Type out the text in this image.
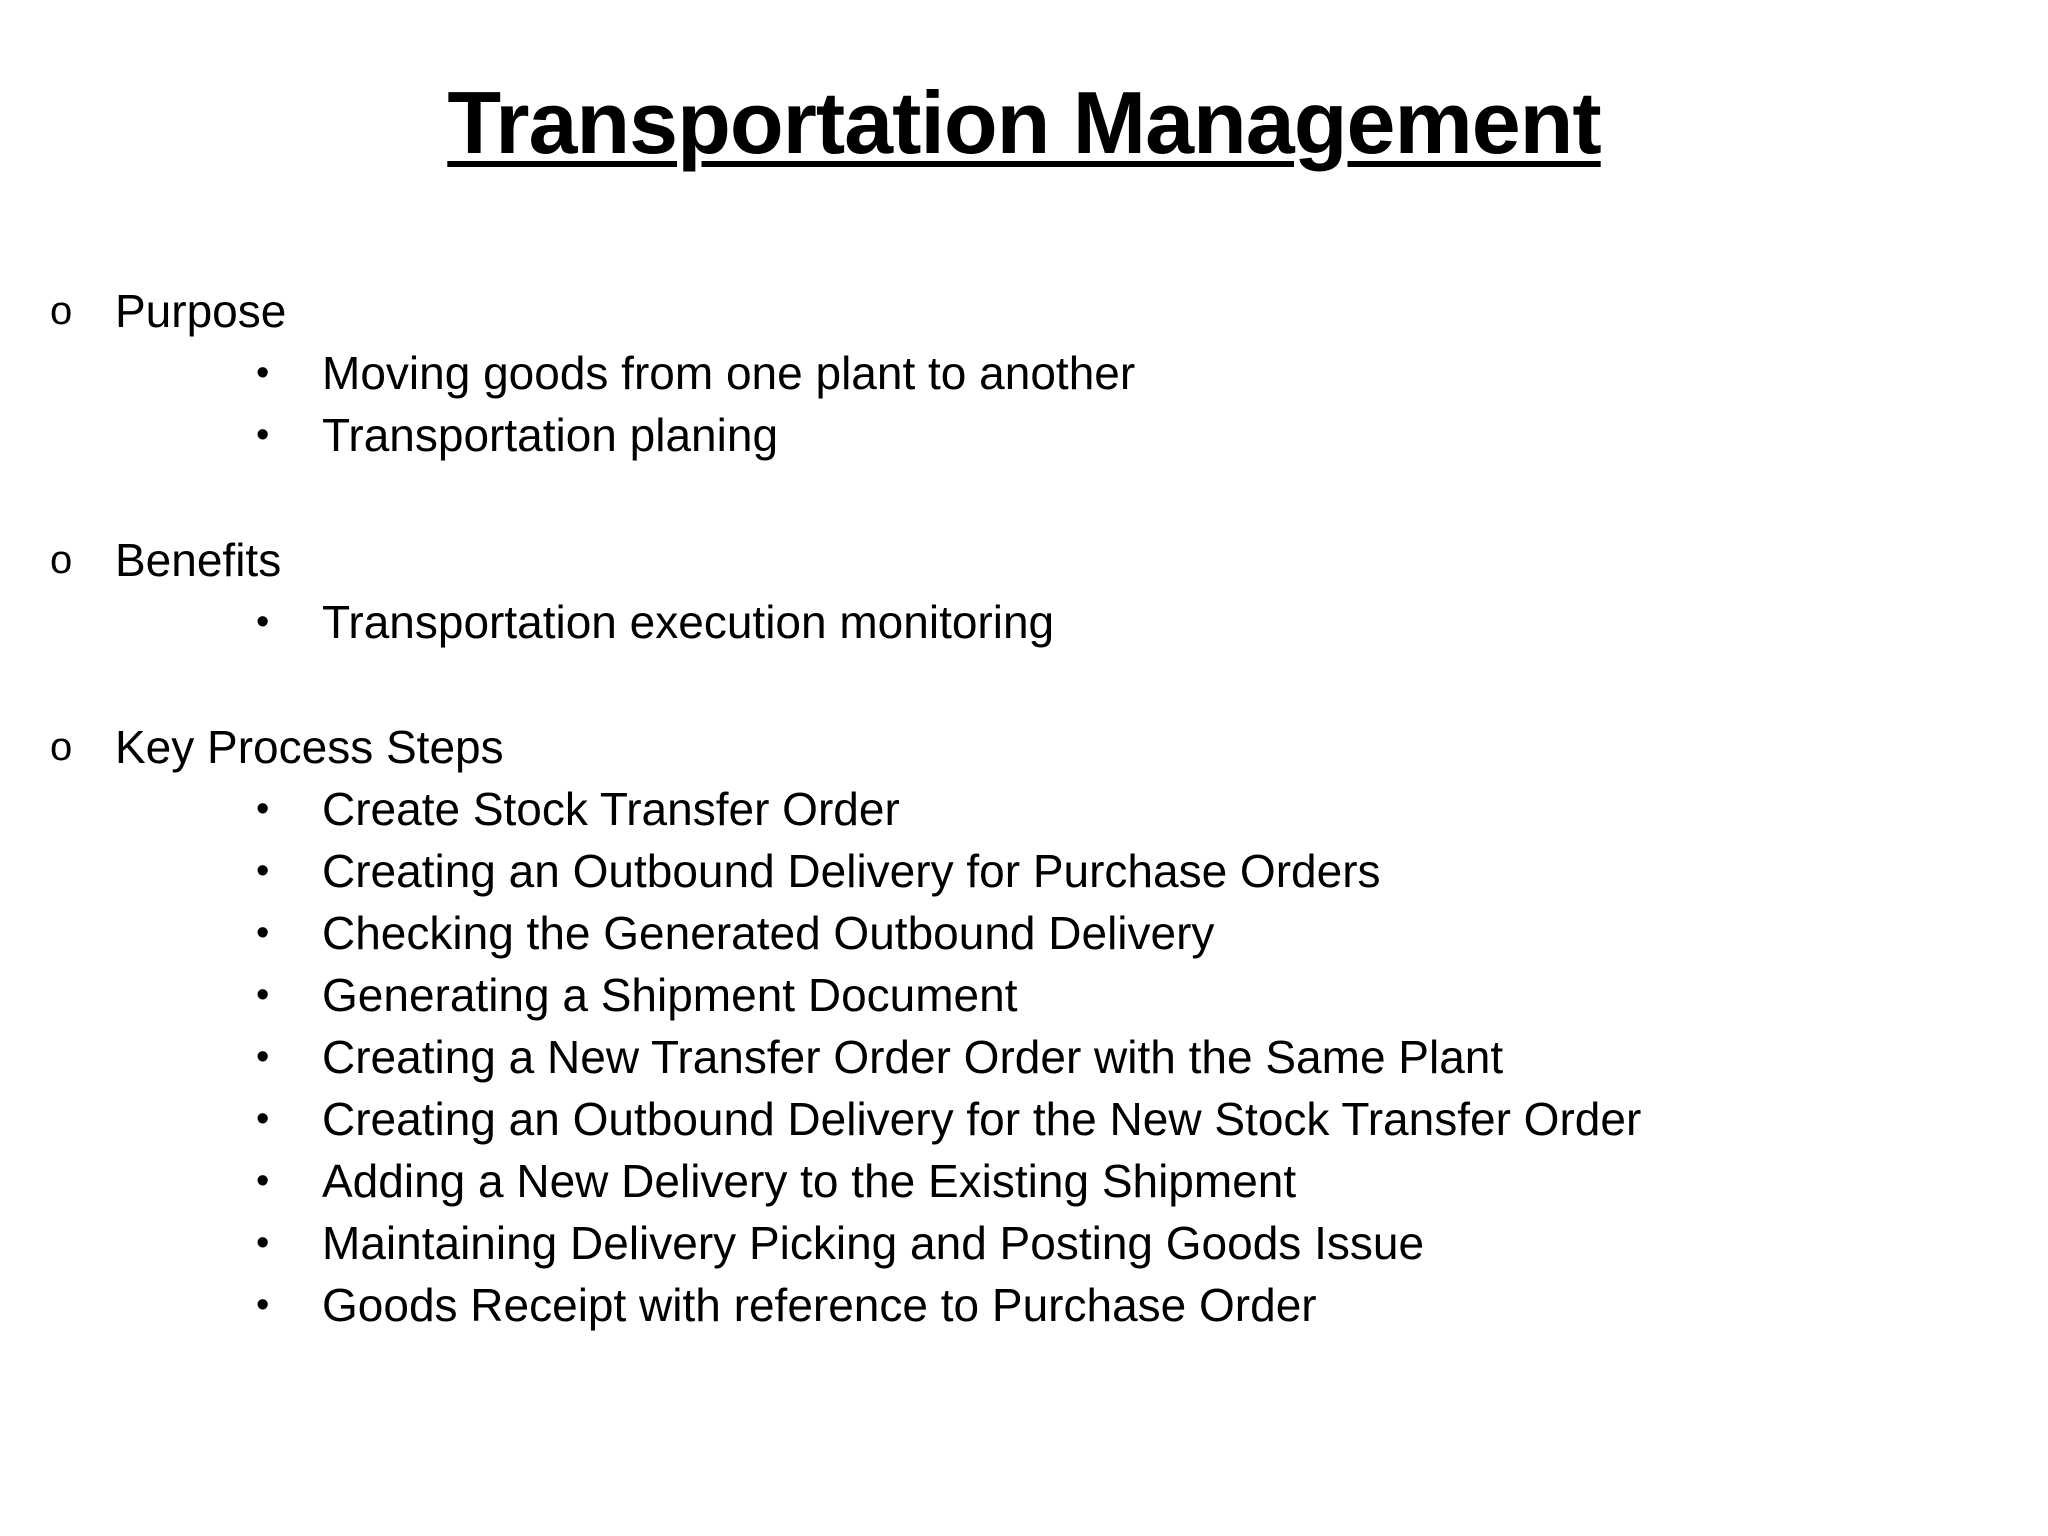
Transportation Management
o Purpose
• Moving goods from one plant to another
• Transportation planing
o Benefits
• Transportation execution monitoring
o Key Process Steps
• Create Stock Transfer Order
• Creating an Outbound Delivery for Purchase Orders
• Checking the Generated Outbound Delivery
• Generating a Shipment Document
• Creating a New Transfer Order Order with the Same Plant
• Creating an Outbound Delivery for the New Stock Transfer Order
• Adding a New Delivery to the Existing Shipment
• Maintaining Delivery Picking and Posting Goods Issue
• Goods Receipt with reference to Purchase Order
